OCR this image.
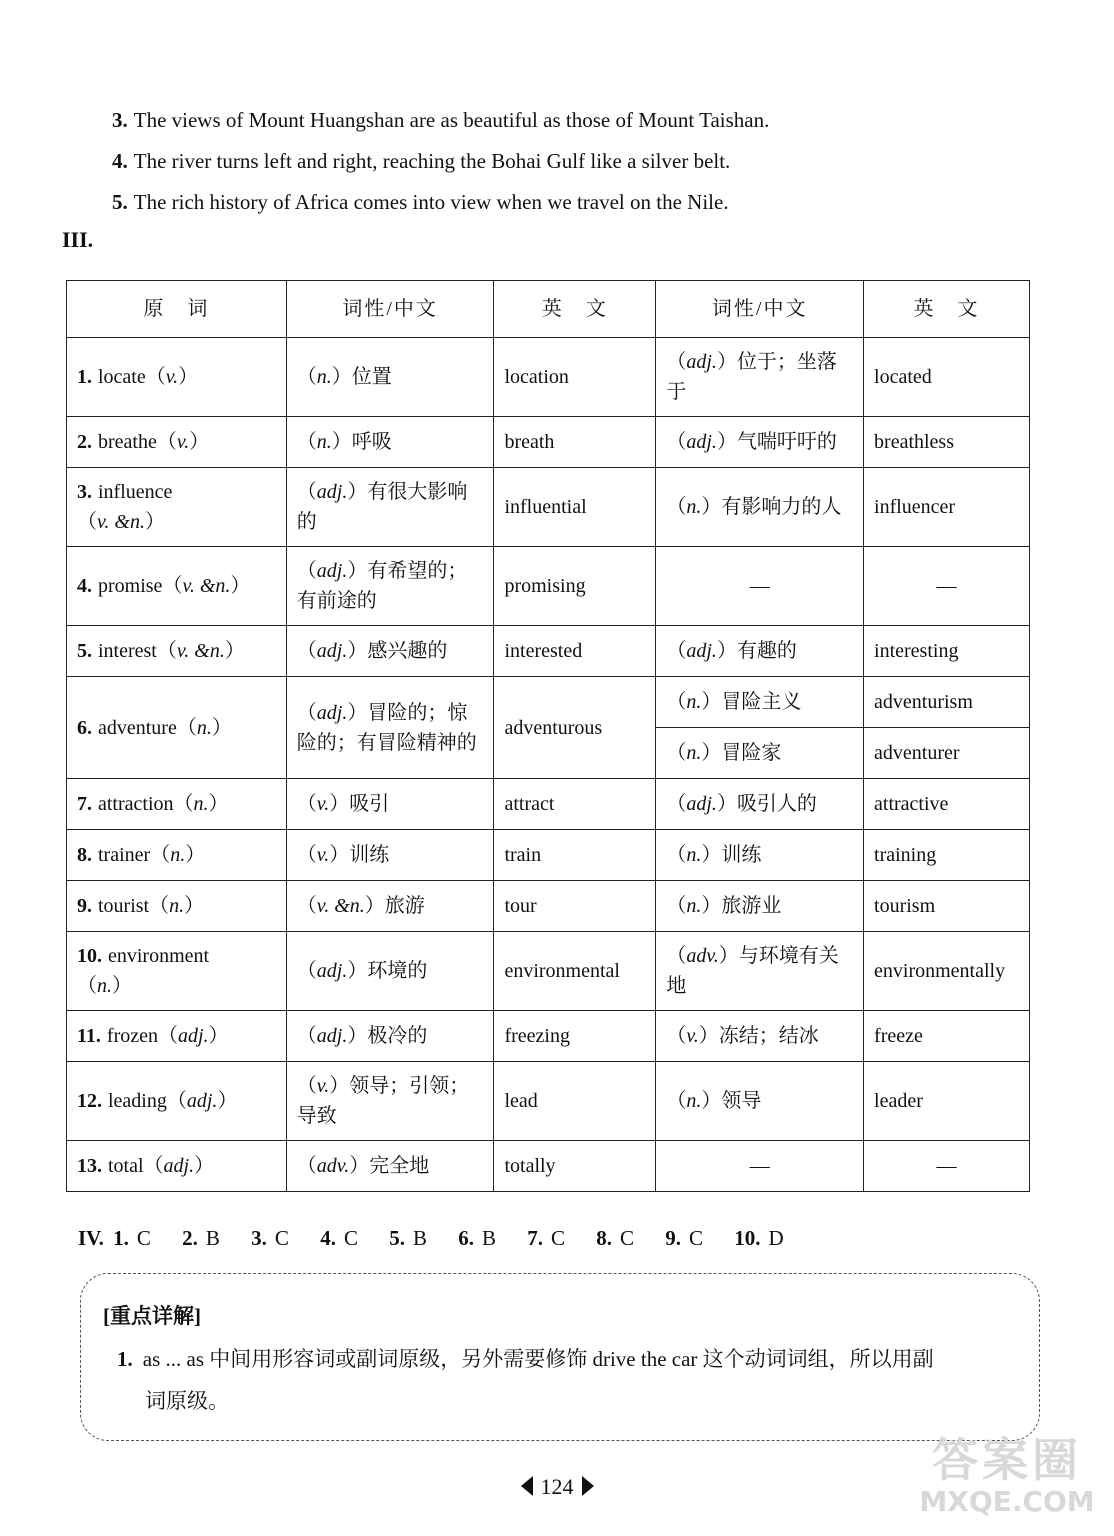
3. The views of Mount Huangshan are as beautiful as those of Mount Taishan.
4. The river turns left and right, reaching the Bohai Gulf like a silver belt.
5. The rich history of Africa comes into view when we travel on the Nile.
III.
原　词	词性/中文	英　文	词性/中文	英　文
1. locate（v.）	（n.）位置	location	（adj.）位于；坐落于	located
2. breathe（v.）	（n.）呼吸	breath	（adj.）气喘吁吁的	breathless
3. influence
（v. &n.）	（adj.）有很大影响的	influential	（n.）有影响力的人	influencer
4. promise（v. &n.）	（adj.）有希望的；有前途的	promising	—	—
5. interest（v. &n.）	（adj.）感兴趣的	interested	（adj.）有趣的	interesting
6. adventure（n.）	（adj.）冒险的；惊险的；有冒险精神的	adventurous	（n.）冒险主义	adventurism
			（n.）冒险家	adventurer
7. attraction（n.）	（v.）吸引	attract	（adj.）吸引人的	attractive
8. trainer（n.）	（v.）训练	train	（n.）训练	training
9. tourist（n.）	（v. &n.）旅游	tour	（n.）旅游业	tourism
10. environment
（n.）	（adj.）环境的	environmental	（adv.）与环境有关地	environmentally
11. frozen（adj.）	（adj.）极冷的	freezing	（v.）冻结；结冰	freeze
12. leading（adj.）	（v.）领导；引领；导致	lead	（n.）领导	leader
13. total（adj.）	（adv.）完全地	totally	—	—
IV. 1. C 2. B 3. C 4. C 5. B 6. B 7. C 8. C 9. C 10. D
[重点详解]
1. as ... as 中间用形容词或副词原级，另外需要修饰 drive the car 这个动词词组，所以用副
词原级。
124	答案圈
MXQE.COM
